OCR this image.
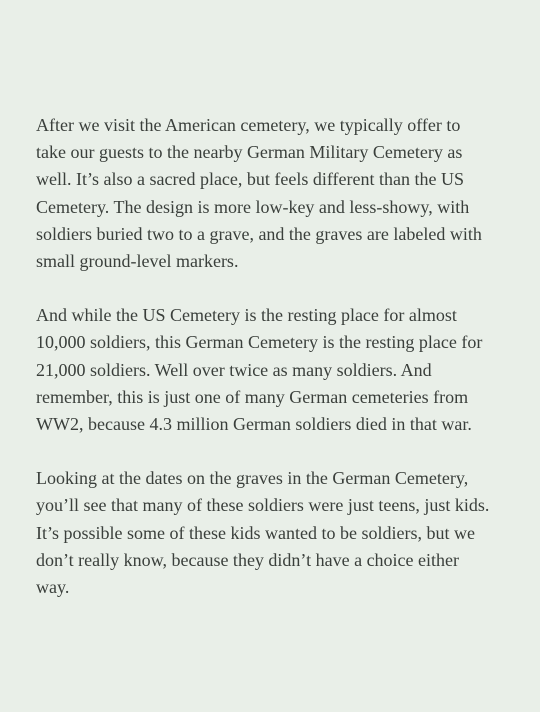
After we visit the American cemetery, we typically offer to
take our guests to the nearby German Military Cemetery as
well. It’s also a sacred place, but feels different than the US
Cemetery. The design is more low-key and less-showy, with
soldiers buried two to a grave, and the graves are labeled with
small ground-level markers.

And while the US Cemetery is the resting place for almost
10,000 soldiers, this German Cemetery is the resting place for
21,000 soldiers. Well over twice as many soldiers. And
remember, this is just one of many German cemeteries from
WW2, because 4.3 million German soldiers died in that war.

Looking at the dates on the graves in the German Cemetery,
you’ll see that many of these soldiers were just teens, just kids.
It’s possible some of these kids wanted to be soldiers, but we
don’t really know, because they didn’t have a choice either
way.
